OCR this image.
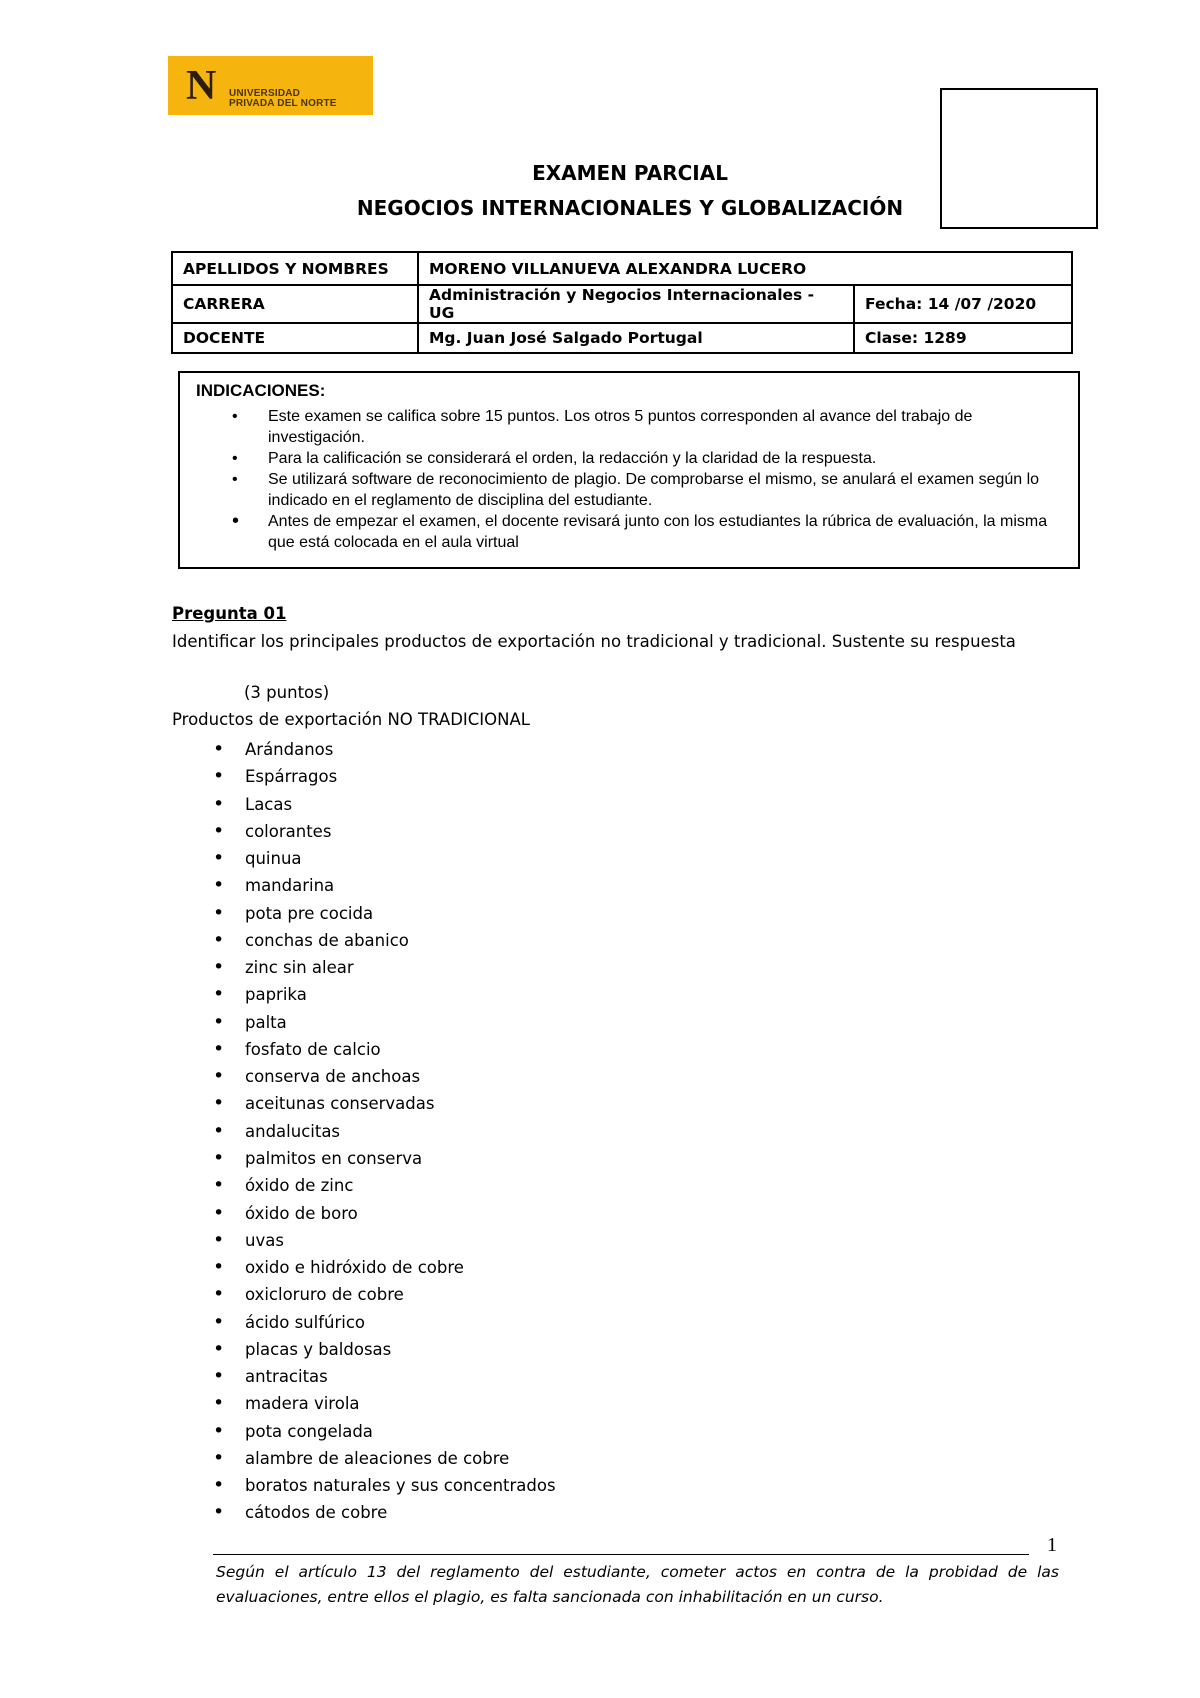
N UNIVERSIDAD
PRIVADA DEL NORTE
EXAMEN PARCIAL
NEGOCIOS INTERNACIONALES Y GLOBALIZACIÓN
APELLIDOS Y NOMBRES	MORENO VILLANUEVA ALEXANDRA LUCERO	
CARRERA	Administración y Negocios Internacionales - UG	Fecha: 14 /07 /2020
DOCENTE	Mg. Juan José Salgado Portugal	Clase: 1289
INDICACIONES:
• Este examen se califica sobre 15 puntos. Los otros 5 puntos corresponden al avance del trabajo de investigación.
• Para la calificación se considerará el orden, la redacción y la claridad de la respuesta.
• Se utilizará software de reconocimiento de plagio. De comprobarse el mismo, se anulará el examen según lo indicado en el reglamento de disciplina del estudiante.
• Antes de empezar el examen, el docente revisará junto con los estudiantes la rúbrica de evaluación, la misma que está colocada en el aula virtual
Pregunta 01
Identificar los principales productos de exportación no tradicional y tradicional. Sustente su respuesta
(3 puntos)
Productos de exportación NO TRADICIONAL
• Arándanos
• Espárragos
• Lacas
• colorantes
• quinua
• mandarina
• pota pre cocida
• conchas de abanico
• zinc sin alear
• paprika
• palta
• fosfato de calcio
• conserva de anchoas
• aceitunas conservadas
• andalucitas
• palmitos en conserva
• óxido de zinc
• óxido de boro
• uvas
• oxido e hidróxido de cobre
• oxicloruro de cobre
• ácido sulfúrico
• placas y baldosas
• antracitas
• madera virola
• pota congelada
• alambre de aleaciones de cobre
• boratos naturales y sus concentrados
• cátodos de cobre
1
Según el artículo 13 del reglamento del estudiante, cometer actos en contra de la probidad de las evaluaciones, entre ellos el plagio, es falta sancionada con inhabilitación en un curso.
